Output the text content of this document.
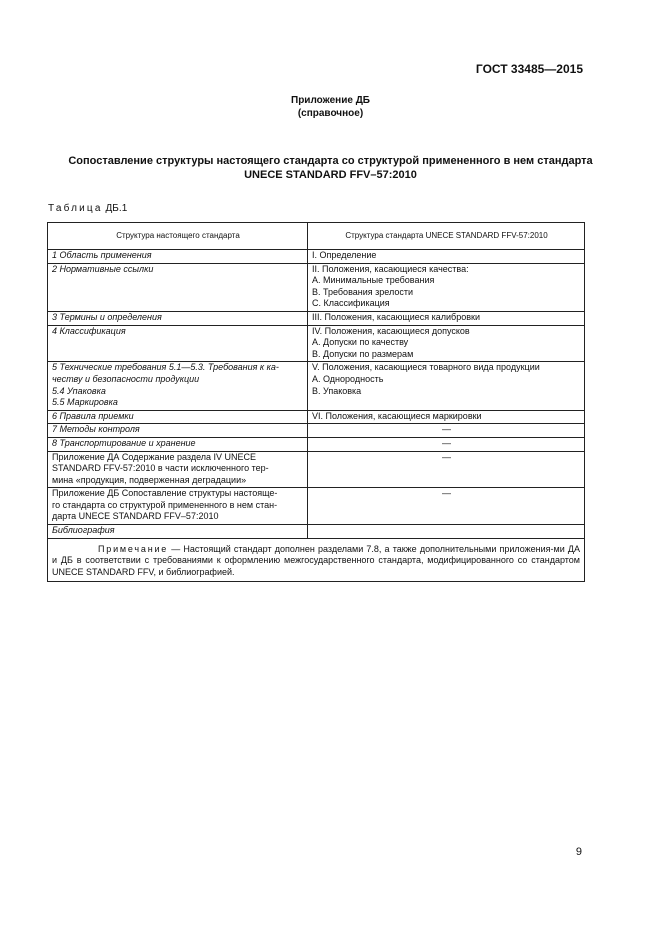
ГОСТ 33485—2015
Приложение ДБ
(справочное)
Сопоставление структуры настоящего стандарта со структурой примененного в нем стандарта
UNECE STANDARD FFV–57:2010
Таблица ДБ.1
Структура настоящего стандарта	Структура стандарта UNECE STANDARD FFV-57:2010

1 Область применения	I. Определение

2 Нормативные ссылки	II. Положения, касающиеся качества:
A. Минимальные требования
B. Требования зрелости
C. Классификация

3 Термины и определения	III. Положения, касающиеся калибровки

4 Классификация	IV. Положения, касающиеся допусков
A. Допуски по качеству
B. Допуски по размерам

5 Технические требования 5.1—5.3. Требования к ка-
честву и безопасности продукции
5.4 Упаковка
5.5 Маркировка	V. Положения, касающиеся товарного вида продукции
A. Однородность
B. Упаковка

6 Правила приемки	VI. Положения, касающиеся маркировки

7 Методы контроля	—

8 Транспортирование и хранение	—

Приложение ДА Содержание раздела IV UNECE
STANDARD FFV-57:2010 в части исключенного тер-
мина «продукция, подверженная деградации»	—

Приложение ДБ Сопоставление структуры настояще-
го стандарта со структурой примененного в нем стан-
дарта UNECE STANDARD FFV–57:2010	—

Библиография	

Примечание — Настоящий стандарт дополнен разделами 7.8, а также дополнительными приложения-ми ДА и ДБ в соответствии с требованиями к оформлению межгосударственного стандарта, модифицированного со стандартом UNECE STANDARD FFV, и библиографией.	
9
